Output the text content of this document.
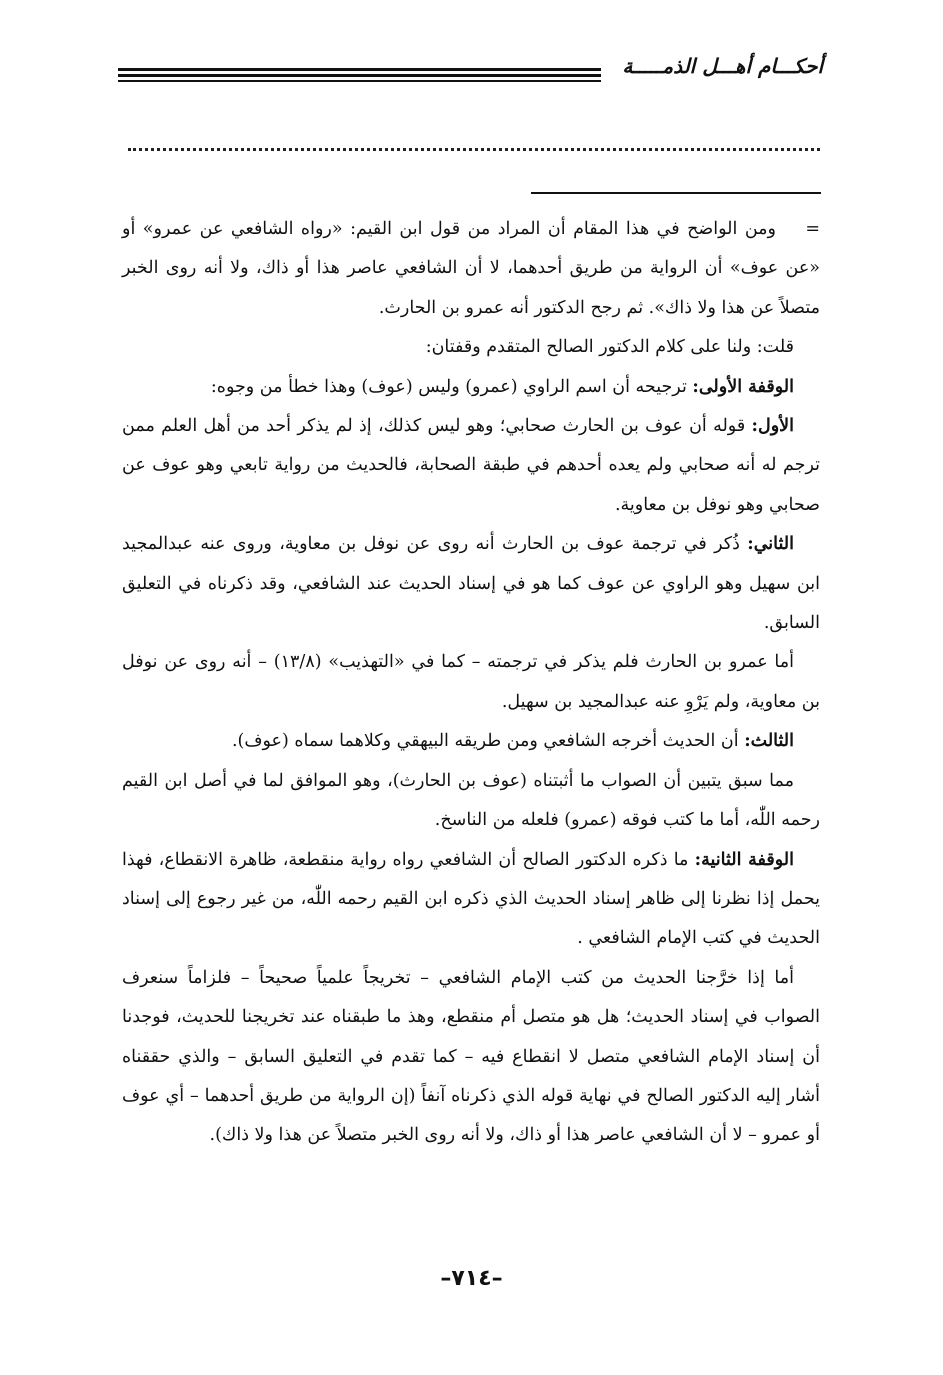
أحكـــام أهـــل الذمـــــة

=ومن الواضح في هذا المقام أن المراد من قول ابن القيم: «رواه الشافعي عن عمرو» أو «عن عوف» أن الرواية من طريق أحدهما، لا أن الشافعي عاصر هذا أو ذاك، ولا أنه روى الخبر متصلاً عن هذا ولا ذاك». ثم رجح الدكتور أنه عمرو بن الحارث.

قلت: ولنا على كلام الدكتور الصالح المتقدم وقفتان:

الوقفة الأولى: ترجيحه أن اسم الراوي (عمرو) وليس (عوف) وهذا خطأ من وجوه:

الأول: قوله أن عوف بن الحارث صحابي؛ وهو ليس كذلك، إذ لم يذكر أحد من أهل العلم ممن ترجم له أنه صحابي ولم يعده أحدهم في طبقة الصحابة، فالحديث من رواية تابعي وهو عوف عن صحابي وهو نوفل بن معاوية.

الثاني: ذُكر في ترجمة عوف بن الحارث أنه روى عن نوفل بن معاوية، وروى عنه عبدالمجيد ابن سهيل وهو الراوي عن عوف كما هو في إسناد الحديث عند الشافعي، وقد ذكرناه في التعليق السابق.

أما عمرو بن الحارث فلم يذكر في ترجمته – كما في «التهذيب» (١٣/٨) – أنه روى عن نوفل بن معاوية، ولم يَرْوِ عنه عبدالمجيد بن سهيل.

الثالث: أن الحديث أخرجه الشافعي ومن طريقه البيهقي وكلاهما سماه (عوف).

مما سبق يتبين أن الصواب ما أثبتناه (عوف بن الحارث)، وهو الموافق لما في أصل ابن القيم رحمه اللّٰه، أما ما كتب فوقه (عمرو) فلعله من الناسخ.

الوقفة الثانية: ما ذكره الدكتور الصالح أن الشافعي رواه رواية منقطعة، ظاهرة الانقطاع، فهذا يحمل إذا نظرنا إلى ظاهر إسناد الحديث الذي ذكره ابن القيم رحمه اللّٰه، من غير رجوع إلى إسناد الحديث في كتب الإمام الشافعي .

أما إذا خرَّجنا الحديث من كتب الإمام الشافعي – تخريجاً علمياً صحيحاً – فلزاماً سنعرف الصواب في إسناد الحديث؛ هل هو متصل أم منقطع، وهذ ما طبقناه عند تخريجنا للحديث، فوجدنا أن إسناد الإمام الشافعي متصل لا انقطاع فيه – كما تقدم في التعليق السابق – والذي حققناه أشار إليه الدكتور الصالح في نهاية قوله الذي ذكرناه آنفاً (إن الرواية من طريق أحدهما – أي عوف أو عمرو – لا أن الشافعي عاصر هذا أو ذاك، ولا أنه روى الخبر متصلاً عن هذا ولا ذاك).

–٧١٤–
